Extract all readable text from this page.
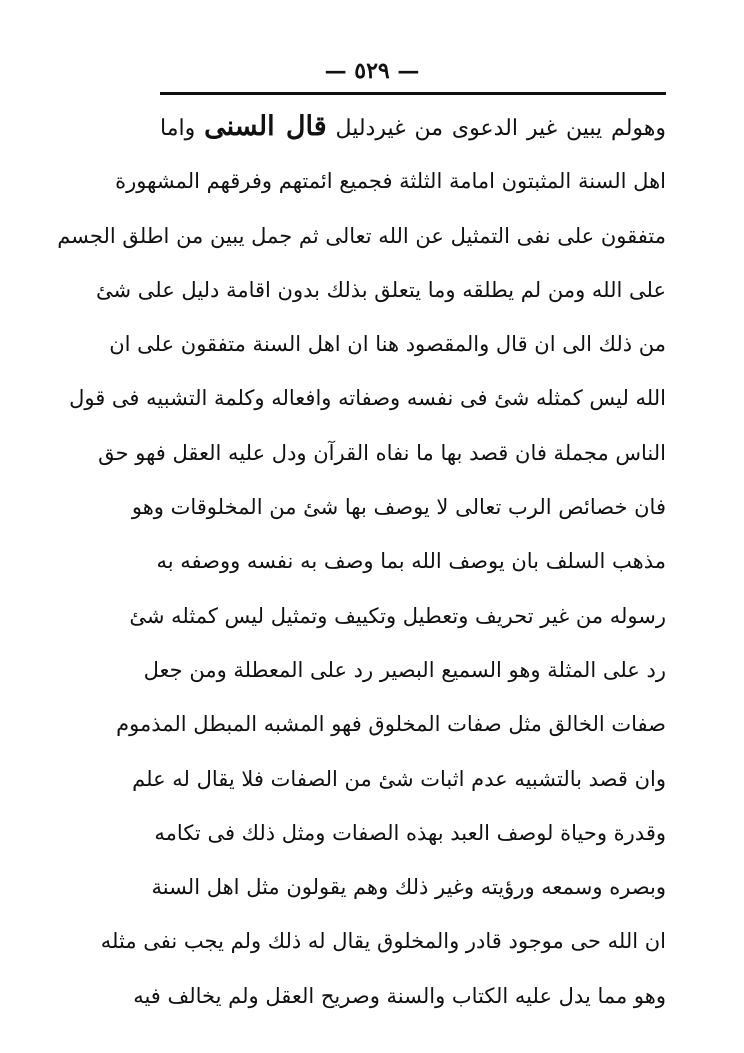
— ٥٢٩ —
وهولم يبين غير الدعوى من غيردليل قال السنى واما
اهل السنة المثبتون امامة الثلثة فجميع ائمتهم وفرقهم المشهورة
متفقون على نفى التمثيل عن الله تعالى ثم جمل يبين من اطلق الجسم
على الله ومن لم يطلقه وما يتعلق بذلك بدون اقامة دليل على شئ
من ذلك الى ان قال والمقصود هنا ان اهل السنة متفقون على ان
الله ليس كمثله شئ فى نفسه وصفاته وافعاله وكلمة التشبيه فى قول
الناس مجملة فان قصد بها ما نفاه القرآن ودل عليه العقل فهو حق
فان خصائص الرب تعالى لا يوصف بها شئ من المخلوقات وهو
مذهب السلف بان يوصف الله بما وصف به نفسه ووصفه به
رسوله من غير تحريف وتعطيل وتكييف وتمثيل ليس كمثله شئ
رد على المثلة وهو السميع البصير رد على المعطلة ومن جعل
صفات الخالق مثل صفات المخلوق فهو المشبه المبطل المذموم
وان قصد بالتشبيه عدم اثبات شئ من الصفات فلا يقال له علم
وقدرة وحياة لوصف العبد بهذه الصفات ومثل ذلك فى تكامه
وبصره وسمعه ورؤيته وغير ذلك وهم يقولون مثل اهل السنة
ان الله حى موجود قادر والمخلوق يقال له ذلك ولم يجب نفى مثله
وهو مما يدل عليه الكتاب والسنة وصريح العقل ولم يخالف فيه
